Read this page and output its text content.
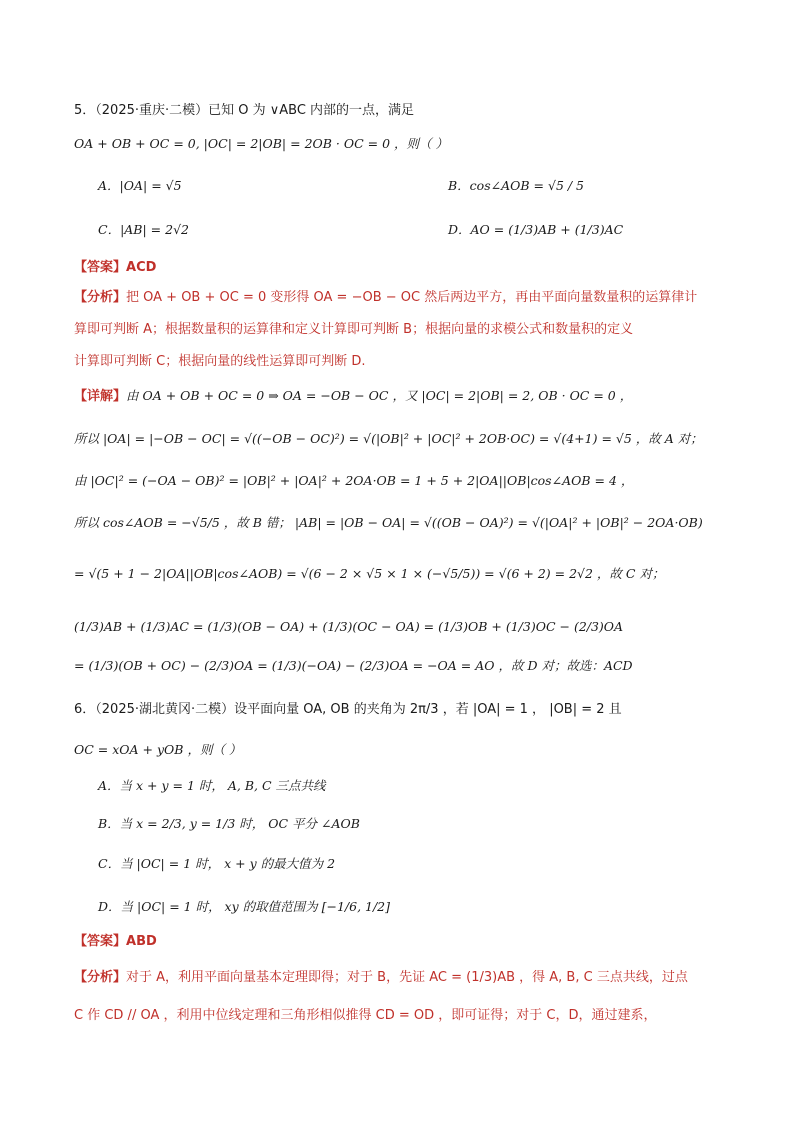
5．（2025·重庆·二模）已知 O 为 ∨ABC 内部的一点，满足
OA + OB + OC = 0, |OC| = 2|OB| = 2OB · OC = 0 ，则（ ）
A．|OA| = √5	B．cos∠AOB = √5 / 5
C．|AB| = 2√2	D．AO = (1/3)AB + (1/3)AC
【答案】ACD
【分析】把 OA + OB + OC = 0 变形得 OA = −OB − OC 然后两边平方，再由平面向量数量积的运算律计
算即可判断 A；根据数量积的运算律和定义计算即可判断 B；根据向量的求模公式和数量积的定义
计算即可判断 C；根据向量的线性运算即可判断 D.
【详解】由 OA + OB + OC = 0 ⇒ OA = −OB − OC ，又 |OC| = 2|OB| = 2, OB · OC = 0 ，
所以 |OA| = |−OB − OC| = √((−OB − OC)²) = √(|OB|² + |OC|² + 2OB·OC) = √(4+1) = √5 ，故 A 对；
由 |OC|² = (−OA − OB)² = |OB|² + |OA|² + 2OA·OB = 1 + 5 + 2|OA||OB|cos∠AOB = 4 ，
所以 cos∠AOB = −√5/5 ，故 B 错； |AB| = |OB − OA| = √((OB − OA)²) = √(|OA|² + |OB|² − 2OA·OB)
= √(5 + 1 − 2|OA||OB|cos∠AOB) = √(6 − 2 × √5 × 1 × (−√5/5)) = √(6 + 2) = 2√2 ，故 C 对；
(1/3)AB + (1/3)AC = (1/3)(OB − OA) + (1/3)(OC − OA) = (1/3)OB + (1/3)OC − (2/3)OA
= (1/3)(OB + OC) − (2/3)OA = (1/3)(−OA) − (2/3)OA = −OA = AO ，故 D 对；故选：ACD
6．（2025·湖北黄冈·二模）设平面向量 OA, OB 的夹角为 2π/3 ，若 |OA| = 1 ， |OB| = 2 且
OC = xOA + yOB ，则（ ）
A．当 x + y = 1 时， A, B, C 三点共线
B．当 x = 2/3, y = 1/3 时， OC 平分 ∠AOB
C．当 |OC| = 1 时， x + y 的最大值为 2
D．当 |OC| = 1 时， xy 的取值范围为 [−1/6, 1/2]
【答案】ABD
【分析】对于 A，利用平面向量基本定理即得；对于 B，先证 AC = (1/3)AB ，得 A, B, C 三点共线，过点
C 作 CD // OA ，利用中位线定理和三角形相似推得 CD = OD ，即可证得；对于 C，D，通过建系，
